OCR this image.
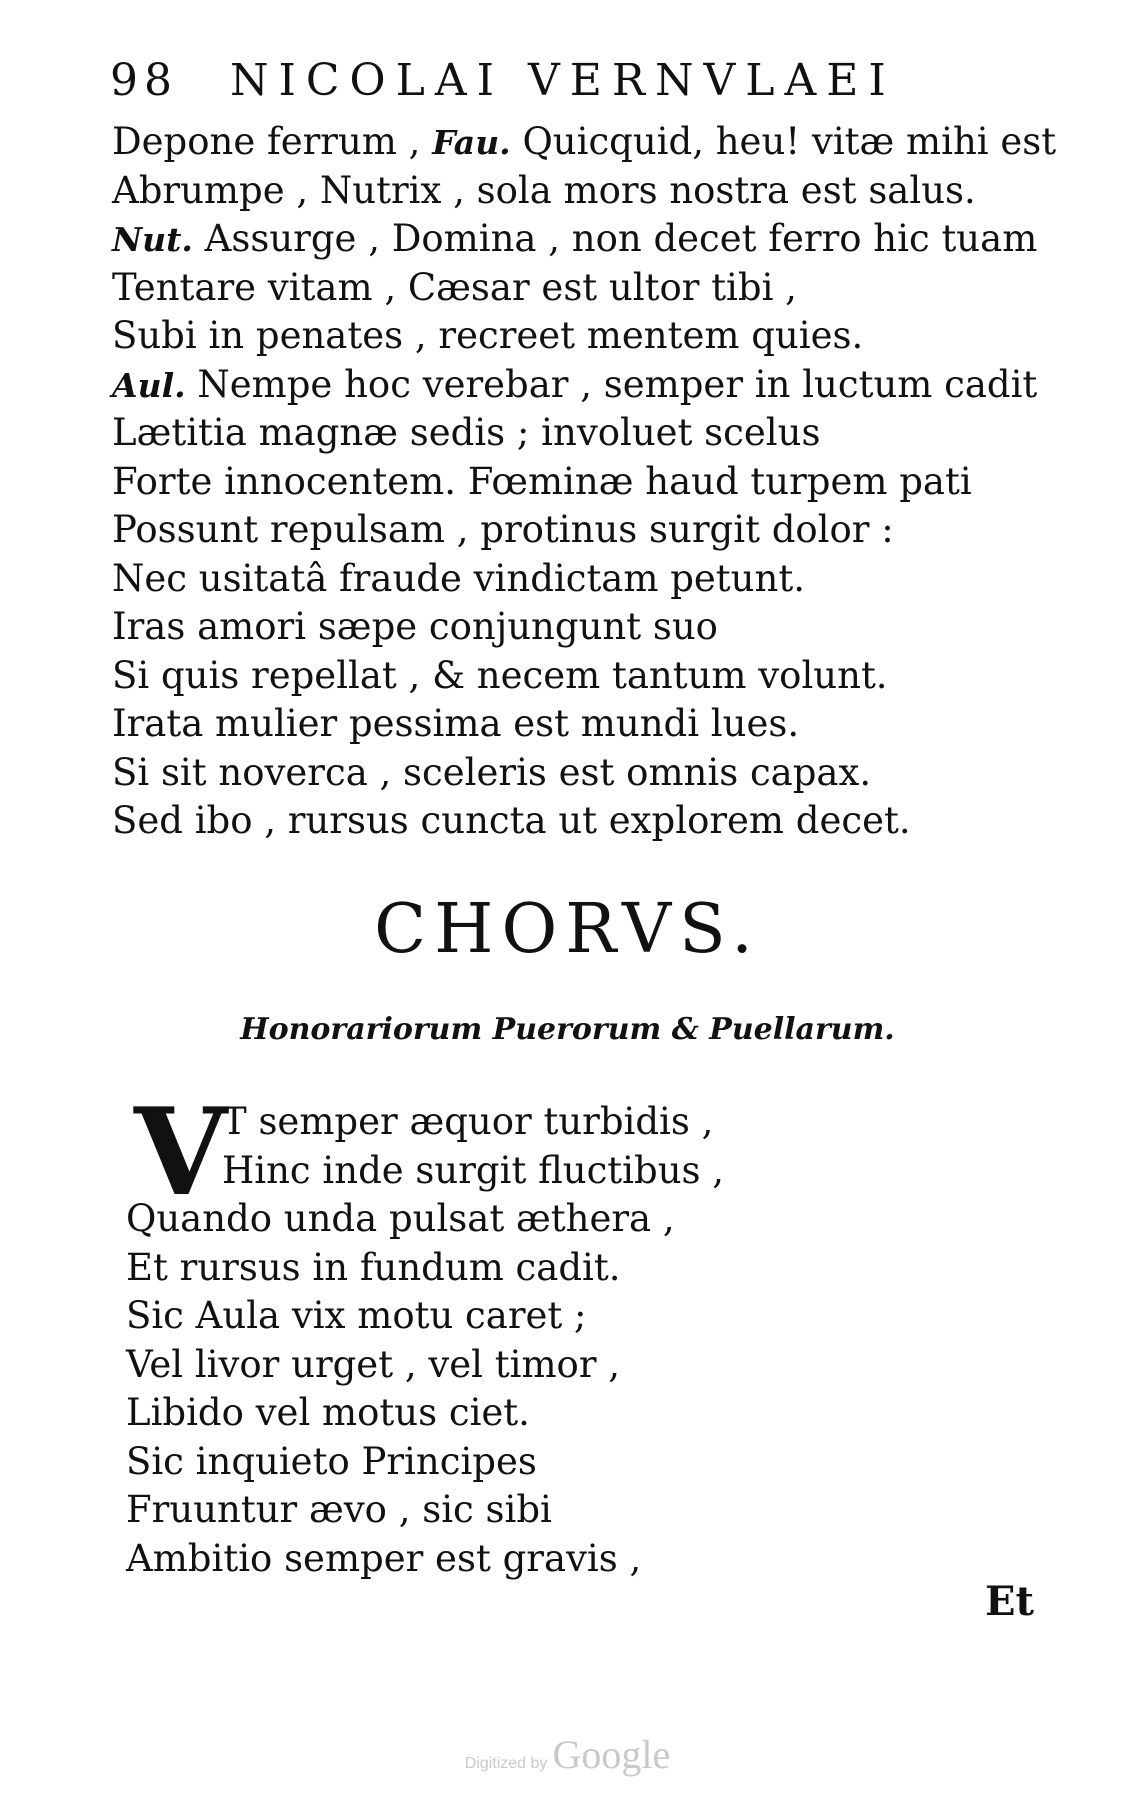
98 NICOLAI VERNVLAEI
Depone ferrum , Fau. Quicquid, heu! vitæ mihi est
Abrumpe , Nutrix , sola mors nostra est salus.
Nut. Assurge , Domina , non decet ferro hic tuam
Tentare vitam , Cæsar est ultor tibi ,
Subi in penates , recreet mentem quies.
Aul. Nempe hoc verebar , semper in luctum cadit
Lætitia magnæ sedis ; involuet scelus
Forte innocentem. Fœminæ haud turpem pati
Possunt repulsam , protinus surgit dolor :
Nec usitatâ fraude vindictam petunt.
Iras amori sæpe conjungunt suo
Si quis repellat , & necem tantum volunt.
Irata mulier pessima est mundi lues.
Si sit noverca , sceleris est omnis capax.
Sed ibo , rursus cuncta ut explorem decet.
CHORVS.
Honorariorum Puerorum & Puellarum.
V
T semper æquor turbidis ,
Hinc inde surgit fluctibus ,
Quando unda pulsat æthera ,
Et rursus in fundum cadit.
Sic Aula vix motu caret ;
Vel livor urget , vel timor ,
Libido vel motus ciet.
Sic inquieto Principes
Fruuntur ævo , sic sibi
Ambitio semper est gravis ,
Et
Digitized by Google
